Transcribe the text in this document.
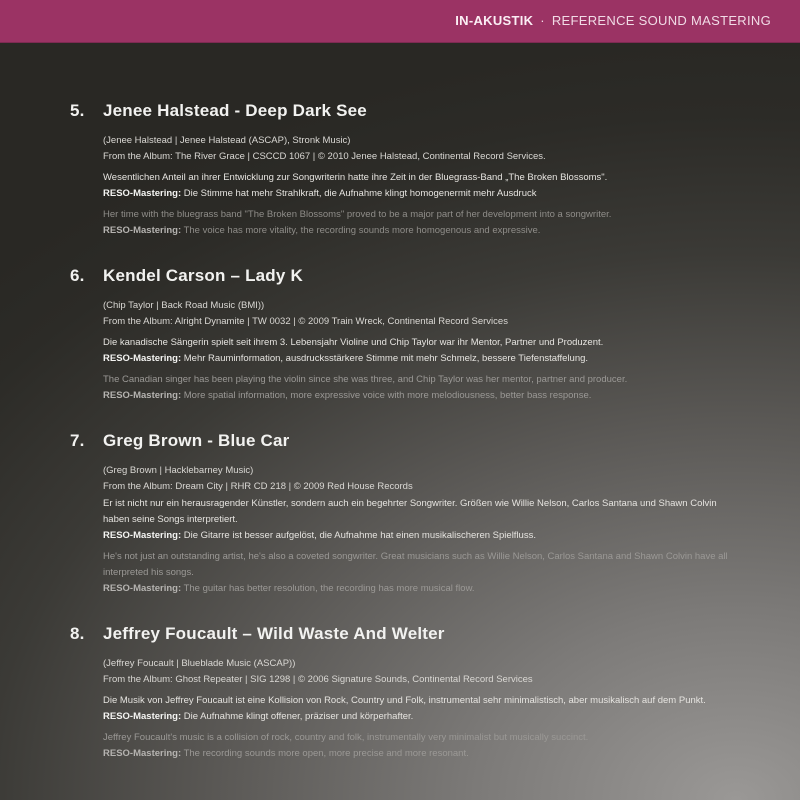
IN-AKUSTIK · REFERENCE SOUND MASTERING
5.	Jenee Halstead - Deep Dark See
(Jenee Halstead | Jenee Halstead (ASCAP), Stronk Music)
From the Album: The River Grace | CSCCD 1067 | © 2010 Jenee Halstead, Continental Record Services.
Wesentlichen Anteil an ihrer Entwicklung zur Songwriterin hatte ihre Zeit in der Bluegrass-Band „The Broken Blossoms".
RESO-Mastering: Die Stimme hat mehr Strahlkraft, die Aufnahme klingt homogenermit mehr Ausdruck
Her time with the bluegrass band "The Broken Blossoms" proved to be a major part of her development into a songwriter.
RESO-Mastering: The voice has more vitality, the recording sounds more homogenous and expressive.
6.	Kendel Carson – Lady K
(Chip Taylor | Back Road Music (BMI))
From the Album: Alright Dynamite | TW 0032 | © 2009 Train Wreck, Continental Record Services
Die kanadische Sängerin spielt seit ihrem 3. Lebensjahr Violine und Chip Taylor war ihr Mentor, Partner und Produzent.
RESO-Mastering: Mehr Rauminformation, ausdrucksstärkere Stimme mit mehr Schmelz, bessere Tiefenstaffelung.
The Canadian singer has been playing the violin since she was three, and Chip Taylor was her mentor, partner and producer.
RESO-Mastering: More spatial information, more expressive voice with more melodiousness, better bass response.
7.	Greg Brown - Blue Car
(Greg Brown | Hacklebarney Music)
From the Album: Dream City | RHR CD 218 | © 2009 Red House Records
Er ist nicht nur ein herausragender Künstler, sondern auch ein begehrter Songwriter. Größen wie Willie Nelson, Carlos Santana und Shawn Colvin haben seine Songs interpretiert.
RESO-Mastering: Die Gitarre ist besser aufgelöst, die Aufnahme hat einen musikalischeren Spielfluss.
He's not just an outstanding artist, he's also a coveted songwriter. Great musicians such as Willie Nelson, Carlos Santana and Shawn Colvin have all interpreted his songs.
RESO-Mastering: The guitar has better resolution, the recording has more musical flow.
8.	Jeffrey Foucault – Wild Waste And Welter
(Jeffrey Foucault | Blueblade Music (ASCAP))
From the Album: Ghost Repeater | SIG 1298 | © 2006 Signature Sounds, Continental Record Services
Die Musik von Jeffrey Foucault ist eine Kollision von Rock, Country und Folk, instrumental sehr minimalistisch, aber musikalisch auf dem Punkt.
RESO-Mastering: Die Aufnahme klingt offener, präziser und körperhafter.
Jeffrey Foucault's music is a collision of rock, country and folk, instrumentally very minimalist but musically succinct.
RESO-Mastering: The recording sounds more open, more precise and more resonant.
